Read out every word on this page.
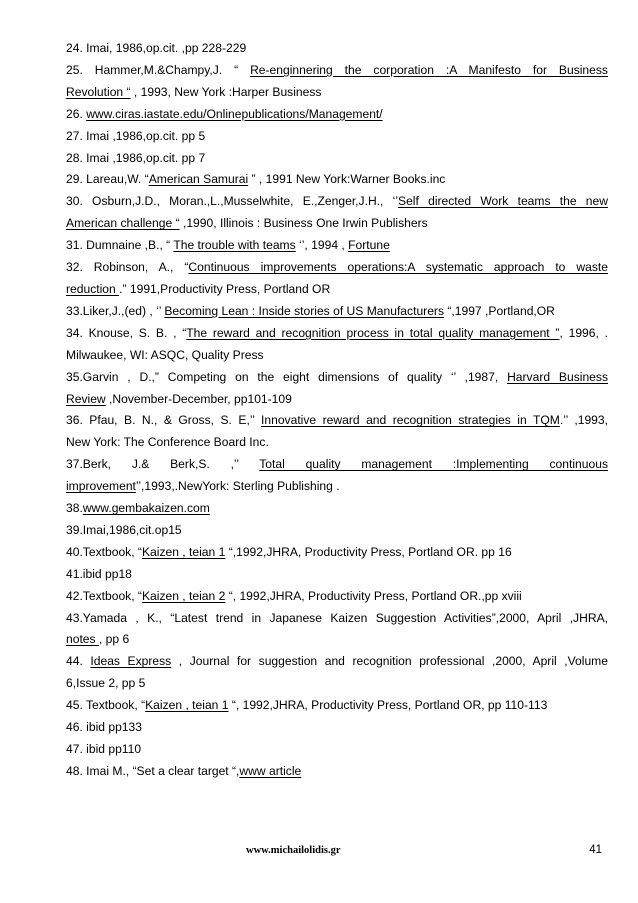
24. Imai, 1986,op.cit. ,pp 228-229

25. Hammer,M.&Champy,J. “ Re-enginnering the corporation :A Manifesto for Business

Revolution “ , 1993, New York :Harper Business

26. www.ciras.iastate.edu/Onlinepublications/Management/

27. Imai ,1986,op.cit. pp 5

28. Imai ,1986,op.cit. pp 7

29. Lareau,W. “American Samurai ” , 1991 New York:Warner Books.inc

30. Osburn,J.D., Moran.,L.,Musselwhite, E.,Zenger,J.H., ‘’Self directed Work teams the new

American challenge “ ,1990, Illinois : Business One Irwin Publishers

31. Dumnaine ,B., “ The trouble with teams ‘’, 1994 , Fortune

32. Robinson, A., “Continuous improvements operations:A systematic approach to waste

reduction .” 1991,Productivity Press, Portland OR

33.Liker,J.,(ed) , ‘’ Becoming Lean : Inside stories of US Manufacturers “,1997 ,Portland,OR

34. Knouse, S. B. , “The reward and recognition process in total quality management ”, 1996, .

Milwaukee, WI: ASQC, Quality Press

35.Garvin , D.,” Competing on the eight dimensions of quality ‘’ ,1987, Harvard Business

Review ,November-December, pp101-109

36. Pfau, B. N., & Gross, S. E,’’ Innovative reward and recognition strategies in TQM.’’ ,1993,

New York: The Conference Board Inc.

37.Berk, J.& Berk,S. ,’’ Total quality management :Implementing continuous

improvement’’,1993,.NewYork: Sterling Publishing .

38.www.gembakaizen.com

39.Imai,1986,cit.op15

40.Textbook, “Kaizen , teian 1 “,1992,JHRA, Productivity Press, Portland OR. pp 16

41.ibid pp18

42.Textbook, “Kaizen , teian 2 “, 1992,JHRA, Productivity Press, Portland OR.,pp xviii

43.Yamada , K., “Latest trend in Japanese Kaizen Suggestion Activities”,2000, April ,JHRA,

notes , pp 6

44. Ideas Express , Journal for suggestion and recognition professional ,2000, April ,Volume

6,Issue 2, pp 5

45. Textbook, “Kaizen , teian 1 “, 1992,JHRA, Productivity Press, Portland OR, pp 110-113

46. ibid pp133

47. ibid pp110

48. Imai M., “Set a clear target “,www article

www.michailolidis.gr	41
